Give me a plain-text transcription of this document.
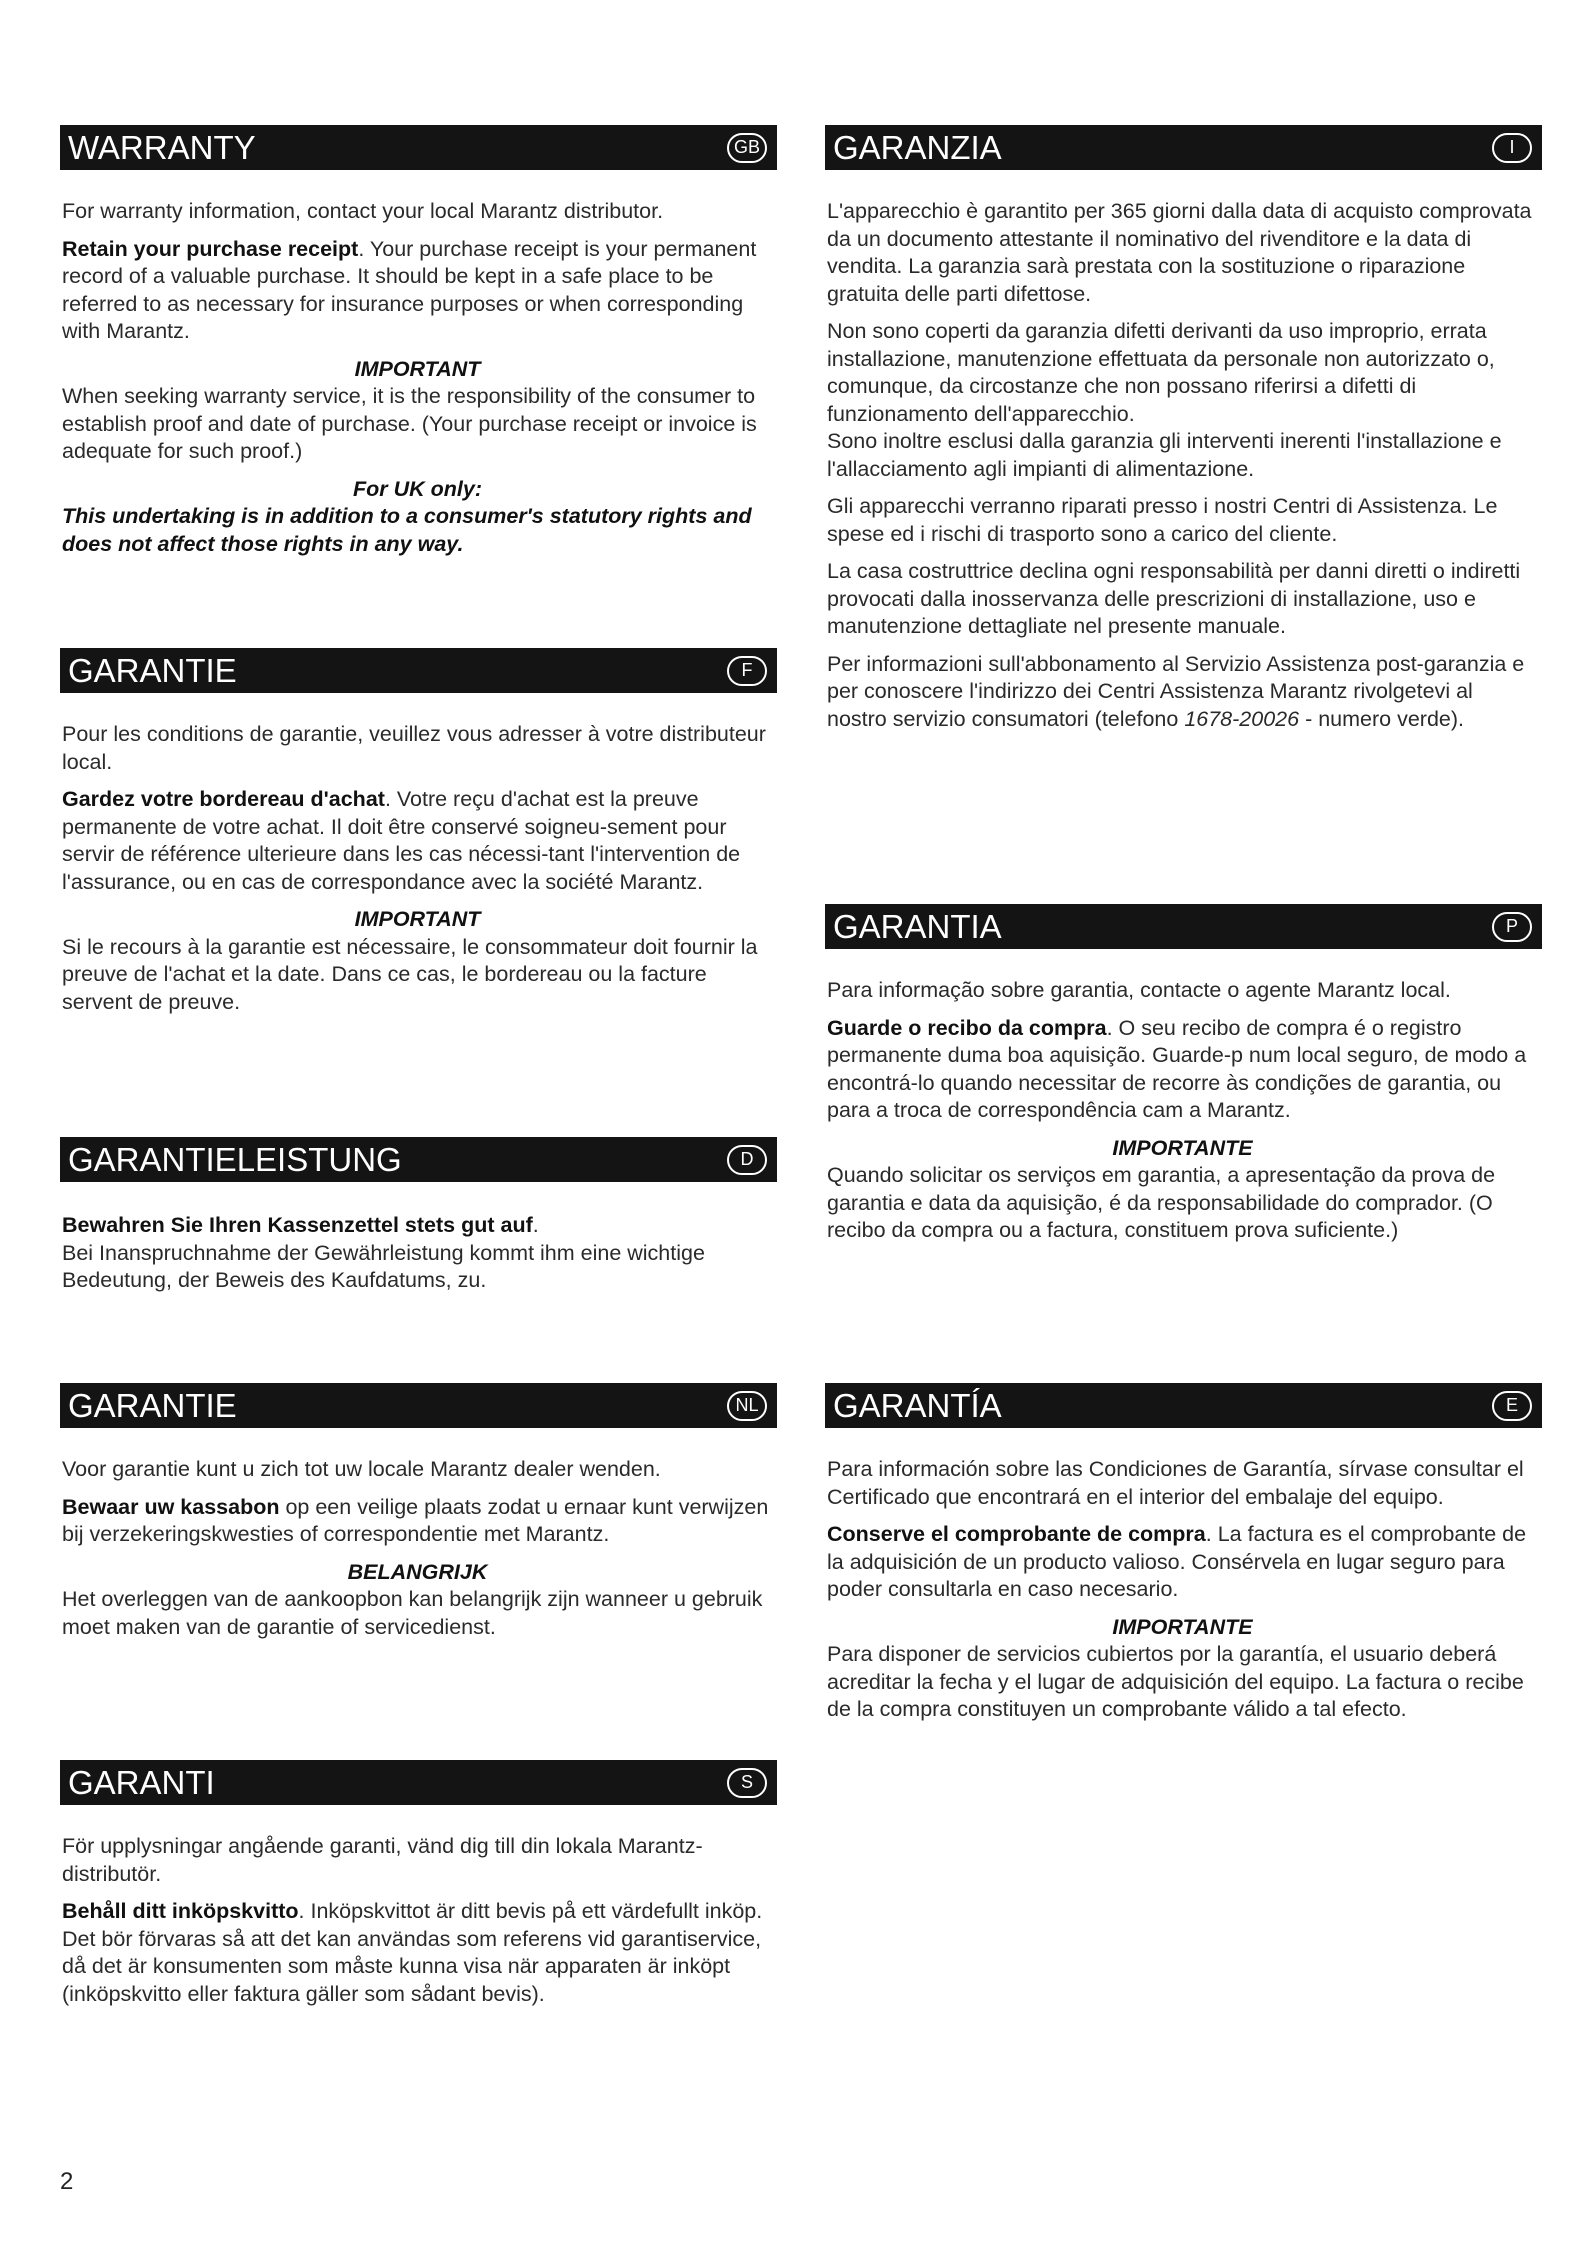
WARRANTY	GB

For warranty information, contact your local Marantz distributor.

Retain your purchase receipt. Your purchase receipt is your permanent record of a valuable purchase. It should be kept in a safe place to be referred to as necessary for insurance purposes or when corresponding with Marantz.

IMPORTANT

When seeking warranty service, it is the responsibility of the consumer to establish proof and date of purchase. (Your purchase receipt or invoice is adequate for such proof.)

For UK only:

This undertaking is in addition to a consumer's statutory rights and does not affect those rights in any way.

GARANTIE	F

Pour les conditions de garantie, veuillez vous adresser à votre distributeur local.

Gardez votre bordereau d'achat. Votre reçu d'achat est la preuve permanente de votre achat. Il doit être conservé soigneu-sement pour servir de référence ulterieure dans les cas nécessi-tant l'intervention de l'assurance, ou en cas de correspondance avec la société Marantz.

IMPORTANT

Si le recours à la garantie est nécessaire, le consommateur doit fournir la preuve de l'achat et la date. Dans ce cas, le bordereau ou la facture servent de preuve.

GARANTIELEISTUNG	D

Bewahren Sie Ihren Kassenzettel stets gut auf.

Bei Inanspruchnahme der Gewährleistung kommt ihm eine wichtige Bedeutung, der Beweis des Kaufdatums, zu.

GARANTIE	NL

Voor garantie kunt u zich tot uw locale Marantz dealer wenden.

Bewaar uw kassabon op een veilige plaats zodat u ernaar kunt verwijzen bij verzekeringskwesties of correspondentie met Marantz.

BELANGRIJK

Het overleggen van de aankoopbon kan belangrijk zijn wanneer u gebruik moet maken van de garantie of servicedienst.

GARANTI	S

För upplysningar angående garanti, vänd dig till din lokala Marantz-distributör.

Behåll ditt inköpskvitto. Inköpskvittot är ditt bevis på ett värdefullt inköp. Det bör förvaras så att det kan användas som referens vid garantiservice, då det är konsumenten som måste kunna visa när apparaten är inköpt (inköpskvitto eller faktura gäller som sådant bevis).

GARANZIA	I

L'apparecchio è garantito per 365 giorni dalla data di acquisto comprovata da un documento attestante il nominativo del rivenditore e la data di vendita. La garanzia sarà prestata con la sostituzione o riparazione gratuita delle parti difettose.

Non sono coperti da garanzia difetti derivanti da uso improprio, errata installazione, manutenzione effettuata da personale non autorizzato o, comunque, da circostanze che non possano riferirsi a difetti di funzionamento dell'apparecchio.

Sono inoltre esclusi dalla garanzia gli interventi inerenti l'installazione e l'allacciamento agli impianti di alimentazione.

Gli apparecchi verranno riparati presso i nostri Centri di Assistenza. Le spese ed i rischi di trasporto sono a carico del cliente.

La casa costruttrice declina ogni responsabilità per danni diretti o indiretti provocati dalla inosservanza delle prescrizioni di installazione, uso e manutenzione dettagliate nel presente manuale.

Per informazioni sull'abbonamento al Servizio Assistenza post-garanzia e per conoscere l'indirizzo dei Centri Assistenza Marantz rivolgetevi al nostro servizio consumatori (telefono 1678-20026 - numero verde).

GARANTIA	P

Para informação sobre garantia, contacte o agente Marantz local.

Guarde o recibo da compra. O seu recibo de compra é o registro permanente duma boa aquisição. Guarde-p num local seguro, de modo a encontrá-lo quando necessitar de recorre às condições de garantia, ou para a troca de correspondência cam a Marantz.

IMPORTANTE

Quando solicitar os serviços em garantia, a apresentação da prova de garantia e data da aquisição, é da responsabilidade do comprador. (O recibo da compra ou a factura, constituem prova suficiente.)

GARANTÍA	E

Para información sobre las Condiciones de Garantía, sírvase consultar el Certificado que encontrará en el interior del embalaje del equipo.

Conserve el comprobante de compra. La factura es el comprobante de la adquisición de un producto valioso. Consérvela en lugar seguro para poder consultarla en caso necesario.

IMPORTANTE

Para disponer de servicios cubiertos por la garantía, el usuario deberá acreditar la fecha y el lugar de adquisición del equipo. La factura o recibe de la compra constituyen un comprobante válido a tal efecto.

2
